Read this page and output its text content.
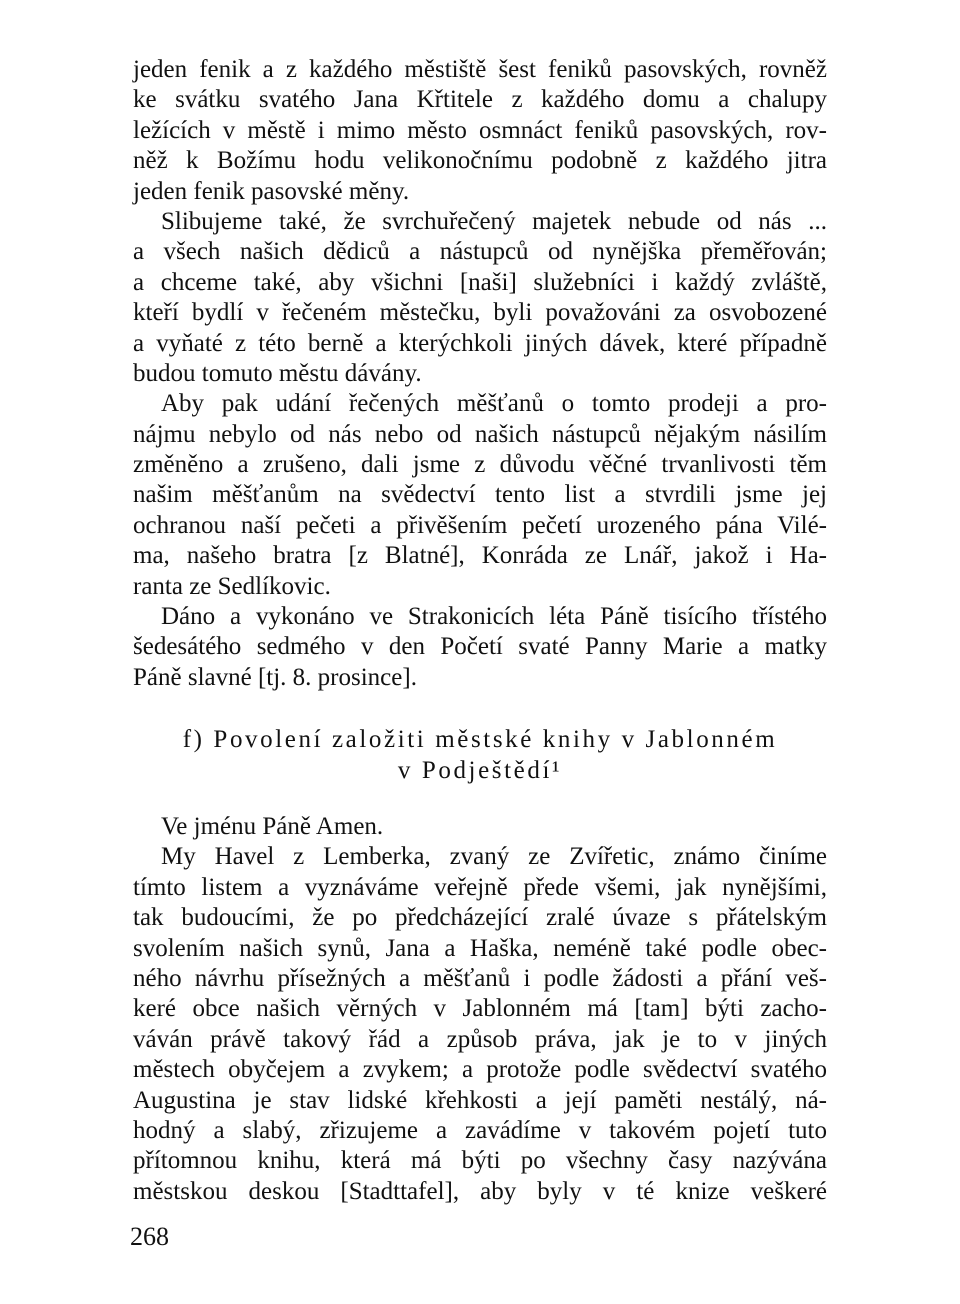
jeden fenik a z každého městiště šest feniků pasovských, rovněž
ke svátku svatého Jana Křtitele z každého domu a chalupy
ležících v městě i mimo město osmnáct feniků pasovských, rov-
něž k Božímu hodu velikonočnímu podobně z každého jitra
jeden fenik pasovské měny.
Slibujeme také, že svrchuřečený majetek nebude od nás ...
a všech našich dědiců a nástupců od nynějška přeměřován;
a chceme také, aby všichni [naši] služebníci i každý zvláště,
kteří bydlí v řečeném městečku, byli považováni za osvobozené
a vyňaté z této berně a kterýchkoli jiných dávek, které případně
budou tomuto městu dávány.
Aby pak udání řečených měšťanů o tomto prodeji a pro-
nájmu nebylo od nás nebo od našich nástupců nějakým násilím
změněno a zrušeno, dali jsme z důvodu věčné trvanlivosti těm
našim měšťanům na svědectví tento list a stvrdili jsme jej
ochranou naší pečeti a přivěšením pečetí urozeného pána Vilé-
ma, našeho bratra [z Blatné], Konráda ze Lnář, jakož i Ha-
ranta ze Sedlíkovic.
Dáno a vykonáno ve Strakonicích léta Páně tisícího třístého
šedesátého sedmého v den Početí svaté Panny Marie a matky
Páně slavné [tj. 8. prosince].
f) Povolení založiti městské knihy v Jablonném
v Podještědí¹
Ve jménu Páně Amen.
My Havel z Lemberka, zvaný ze Zvířetic, známo činíme
tímto listem a vyznáváme veřejně přede všemi, jak nynějšími,
tak budoucími, že po předcházející zralé úvaze s přátelským
svolením našich synů, Jana a Haška, neméně také podle obec-
ného návrhu přísežných a měšťanů i podle žádosti a přání veš-
keré obce našich věrných v Jablonném má [tam] býti zacho-
váván právě takový řád a způsob práva, jak je to v jiných
městech obyčejem a zvykem; a protože podle svědectví svatého
Augustina je stav lidské křehkosti a její paměti nestálý, ná-
hodný a slabý, zřizujeme a zavádíme v takovém pojetí tuto
přítomnou knihu, která má býti po všechny časy nazývána
městskou deskou [Stadttafel], aby byly v té knize veškeré
268
